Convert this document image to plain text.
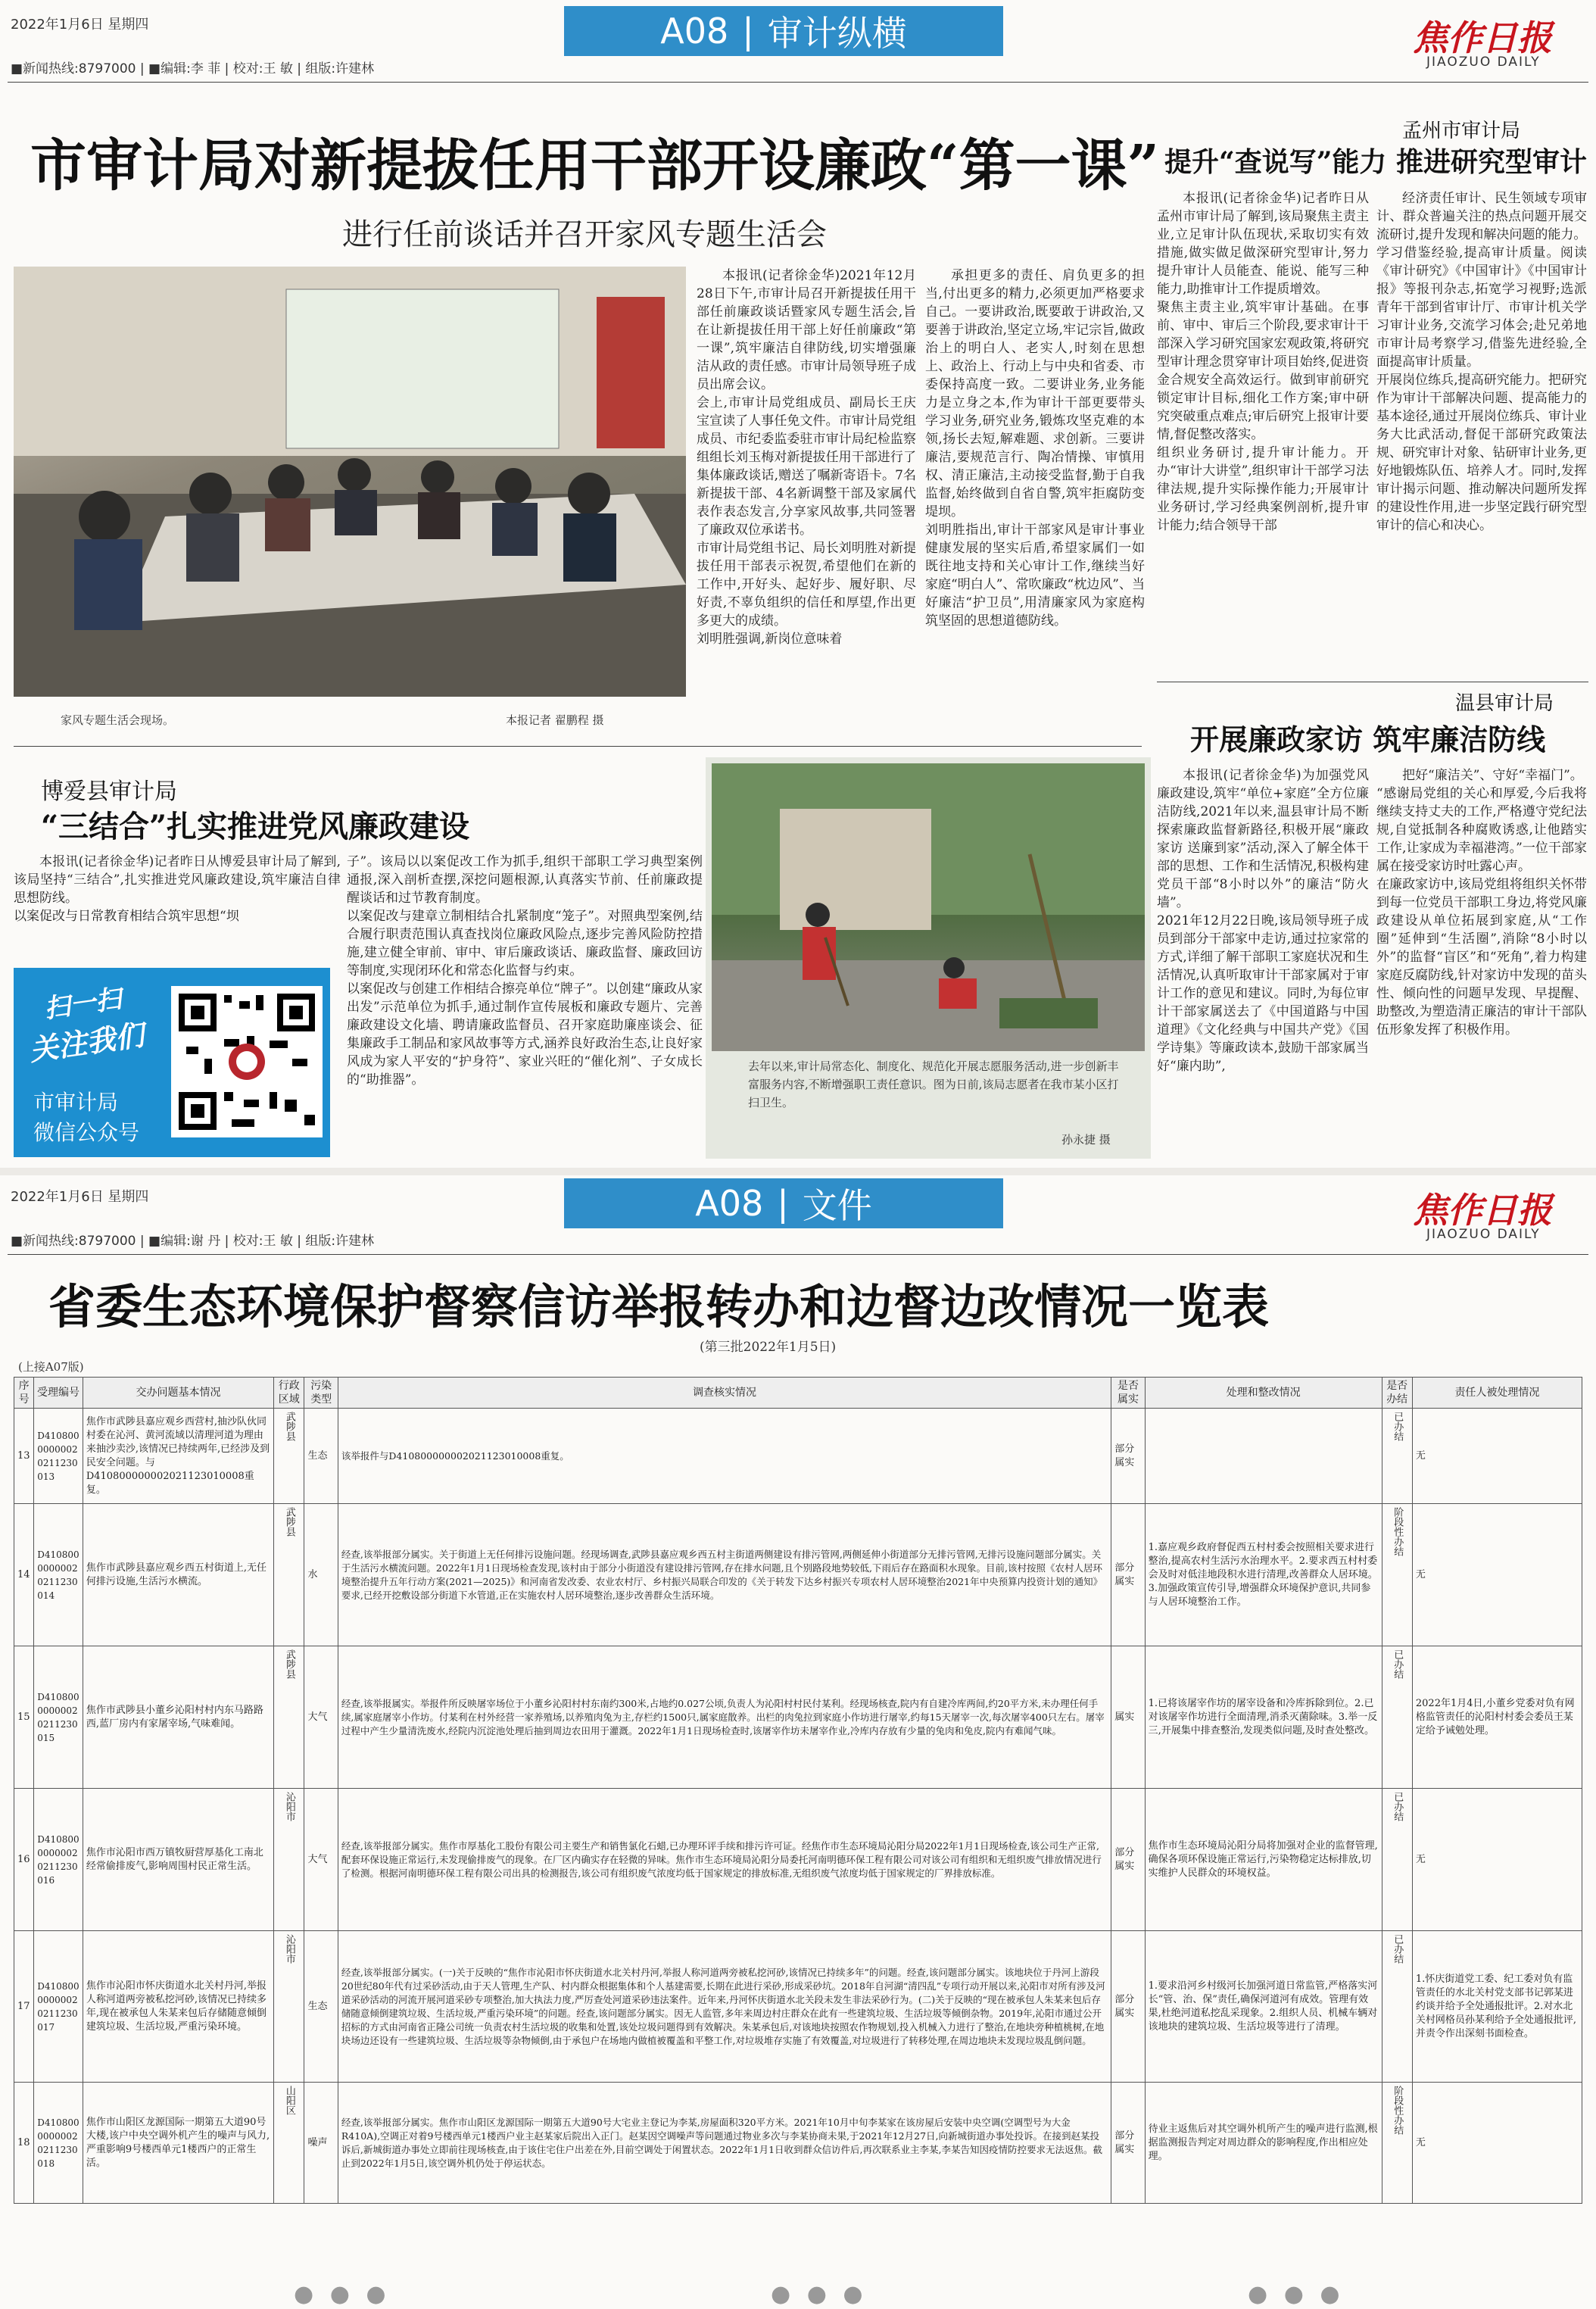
2022年1月6日 星期四	A08 | 审计纵横	焦作日报
JIAOZUO DAILY
■新闻热线:8797000 | ■编辑:李 菲 | 校对:王 敏 | 组版:许建林
市审计局对新提拔任用干部开设廉政“第一课”
进行任前谈话并召开家风专题生活会
家风专题生活会现场。	本报记者 翟鹏程 摄
本报讯(记者徐金华)2021年12月28日下午,市审计局召开新提拔任用干部任前廉政谈话暨家风专题生活会,旨在让新提拔任用干部上好任前廉政“第一课”,筑牢廉洁自律防线,切实增强廉洁从政的责任感。市审计局领导班子成员出席会议。
会上,市审计局党组成员、副局长王庆宝宣读了人事任免文件。市审计局党组成员、市纪委监委驻市审计局纪检监察组组长刘玉梅对新提拔任用干部进行了集体廉政谈话,赠送了嘱新寄语卡。7名新提拔干部、4名新调整干部及家属代表作表态发言,分享家风故事,共同签署了廉政双位承诺书。
市审计局党组书记、局长刘明胜对新提拔任用干部表示祝贺,希望他们在新的工作中,开好头、起好步、履好职、尽好责,不辜负组织的信任和厚望,作出更多更大的成绩。
刘明胜强调,新岗位意味着
承担更多的责任、肩负更多的担当,付出更多的精力,必须更加严格要求自己。一要讲政治,既要敢于讲政治,又要善于讲政治,坚定立场,牢记宗旨,做政治上的明白人、老实人,时刻在思想上、政治上、行动上与中央和省委、市委保持高度一致。二要讲业务,业务能力是立身之本,作为审计干部更要带头学习业务,研究业务,锻炼攻坚克难的本领,扬长去短,解难题、求创新。三要讲廉洁,要规范言行、陶冶情操、审慎用权、清正廉洁,主动接受监督,勤于自我监督,始终做到自省自警,筑牢拒腐防变堤坝。
刘明胜指出,审计干部家风是审计事业健康发展的坚实后盾,希望家属们一如既往地支持和关心审计工作,继续当好家庭“明白人”、常吹廉政“枕边风”、当好廉洁“护卫员”,用清廉家风为家庭构筑坚固的思想道德防线。
孟州市审计局
提升“查说写”能力 推进研究型审计
本报讯(记者徐金华)记者昨日从孟州市审计局了解到,该局聚焦主责主业,立足审计队伍现状,采取切实有效措施,做实做足做深研究型审计,努力提升审计人员能查、能说、能写三种能力,助推审计工作提质增效。
聚焦主责主业,筑牢审计基础。在事前、审中、审后三个阶段,要求审计干部深入学习研究国家宏观政策,将研究型审计理念贯穿审计项目始终,促进资金合规安全高效运行。做到审前研究锁定审计目标,细化工作方案;审中研究突破重点难点;审后研究上报审计要情,督促整改落实。
组织业务研讨,提升审计能力。开办“审计大讲堂”,组织审计干部学习法律法规,提升实际操作能力;开展审计业务研讨,学习经典案例剖析,提升审计能力;结合领导干部
经济责任审计、民生领域专项审计、群众普遍关注的热点问题开展交流研讨,提升发现和解决问题的能力。
学习借鉴经验,提高审计质量。阅读《审计研究》《中国审计》《中国审计报》等报刊杂志,拓宽学习视野;选派青年干部到省审计厅、市审计机关学习审计业务,交流学习体会;赴兄弟地市审计局考察学习,借鉴先进经验,全面提高审计质量。
开展岗位练兵,提高研究能力。把研究作为审计干部解决问题、提高能力的基本途径,通过开展岗位练兵、审计业务大比武活动,督促干部研究政策法规、研究审计对象、钻研审计业务,更好地锻炼队伍、培养人才。同时,发挥审计揭示问题、推动解决问题所发挥的建设性作用,进一步坚定践行研究型审计的信心和决心。
温县审计局
开展廉政家访 筑牢廉洁防线
本报讯(记者徐金华)为加强党风廉政建设,筑牢“单位+家庭”全方位廉洁防线,2021年以来,温县审计局不断探索廉政监督新路径,积极开展“廉政家访 送廉到家”活动,深入了解全体干部的思想、工作和生活情况,积极构建党员干部“8小时以外”的廉洁“防火墙”。
2021年12月22日晚,该局领导班子成员到部分干部家中走访,通过拉家常的方式,详细了解干部职工家庭状况和生活情况,认真听取审计干部家属对于审计工作的意见和建议。同时,为每位审计干部家属送去了《中国道路与中国道理》《文化经典与中国共产党》《国学诗集》等廉政读本,鼓励干部家属当好“廉内助”,
把好“廉洁关”、守好“幸福门”。
“感谢局党组的关心和厚爱,今后我将继续支持丈夫的工作,严格遵守党纪法规,自觉抵制各种腐败诱惑,让他踏实工作,让家成为幸福港湾。”一位干部家属在接受家访时吐露心声。
在廉政家访中,该局党组将组织关怀带到每一位党员干部职工身边,将党风廉政建设从单位拓展到家庭,从“工作圈”延伸到“生活圈”,消除“8小时以外”的监督“盲区”和“死角”,着力构建家庭反腐防线,针对家访中发现的苗头性、倾向性的问题早发现、早提醒、助整改,为塑造清正廉洁的审计干部队伍形象发挥了积极作用。
博爱县审计局
“三结合”扎实推进党风廉政建设
本报讯(记者徐金华)记者昨日从博爱县审计局了解到,该局坚持“三结合”,扎实推进党风廉政建设,筑牢廉洁自律思想防线。
以案促改与日常教育相结合筑牢思想“坝
子”。该局以以案促改工作为抓手,组织干部职工学习典型案例通报,深入剖析查摆,深挖问题根源,认真落实节前、任前廉政提醒谈话和过节教育制度。
以案促改与建章立制相结合扎紧制度“笼子”。对照典型案例,结合履行职责范围认真查找岗位廉政风险点,逐步完善风险防控措施,建立健全审前、审中、审后廉政谈话、廉政监督、廉政回访等制度,实现闭环化和常态化监督与约束。
以案促改与创建工作相结合擦亮单位“牌子”。以创建“廉政从家出发”示范单位为抓手,通过制作宣传展板和廉政专题片、完善廉政建设文化墙、聘请廉政监督员、召开家庭助廉座谈会、征集廉政手工制品和家风故事等方式,涵养良好政治生态,让良好家风成为家人平安的“护身符”、家业兴旺的“催化剂”、子女成长的“助推器”。
扫一扫
关注我们
市审计局
微信公众号
去年以来,审计局常态化、制度化、规范化开展志愿服务活动,进一步创新丰富服务内容,不断增强职工责任意识。图为日前,该局志愿者在我市某小区打扫卫生。
孙永捷 摄
2022年1月6日 星期四	A08 | 文件	焦作日报
JIAOZUO DAILY
■新闻热线:8797000 | ■编辑:谢 丹 | 校对:王 敏 | 组版:许建林
省委生态环境保护督察信访举报转办和边督边改情况一览表
(第三批2022年1月5日)
(上接A07版)
序号	受理编号	交办问题基本情况	行政区域	污染类型	调查核实情况	是否属实	处理和整改情况	是否办结	责任人被处理情况
13	D41080000000020211230013	焦作市武陟县嘉应观乡西营村,抽沙队伙同村委在沁河、黄河流域以清理河道为理由来抽沙卖沙,该情况已持续两年,已经涉及到民安全问题。与D410800000002021123010008重复。	武陟县	生态	该举报件与D410800000002021123010008重复。	部分属实		已办结	无
14	D41080000000020211230014	焦作市武陟县嘉应观乡西五村街道上,无任何排污设施,生活污水横流。	武陟县	水	经查,该举报部分属实。关于街道上无任何排污设施问题。经现场调查,武陟县嘉应观乡西五村主街道两侧建设有排污管网,两侧延伸小街道部分无排污管网,无排污设施问题部分属实。关于生活污水横流问题。2022年1月1日现场检查发现,该村由于部分小街道没有建设排污管网,存在排水问题,且个别路段地势较低,下雨后存在路面积水现象。目前,该村按照《农村人居环境整治提升五年行动方案(2021—2025)》和河南省发改委、农业农村厅、乡村振兴局联合印发的《关于转发下达乡村振兴专项农村人居环境整治2021年中央预算内投资计划的通知》要求,已经开挖敷设部分街道下水管道,正在实施农村人居环境整治,逐步改善群众生活环境。	部分属实	1.嘉应观乡政府督促西五村村委会按照相关要求进行整治,提高农村生活污水治理水平。2.要求西五村村委会及时对低洼地段积水进行清理,改善群众人居环境。3.加强政策宣传引导,增强群众环境保护意识,共同参与人居环境整治工作。	阶段性办结	无
15	D41080000000020211230015	焦作市武陟县小董乡沁阳村村内东马路路西,蓝厂房内有家屠宰场,气味难闻。	武陟县	大气	经查,该举报属实。举报件所反映屠宰场位于小董乡沁阳村村东南约300米,占地约0.027公顷,负责人为沁阳村村民付某利。经现场核查,院内有自建冷库两间,约20平方米,未办理任何手续,属家庭屠宰小作坊。付某利在村外经营一家养殖场,以养殖肉兔为主,存栏约1500只,属家庭散养。出栏的肉兔拉到家庭小作坊进行屠宰,约每15天屠宰一次,每次屠宰400只左右。屠宰过程中产生少量清洗废水,经院内沉淀池处理后抽到周边农田用于灌溉。2022年1月1日现场检查时,该屠宰作坊未屠宰作业,冷库内存放有少量的兔肉和兔皮,院内有难闻气味。	属实	1.已将该屠宰作坊的屠宰设备和冷库拆除到位。2.已对该屠宰作坊进行全面清理,消杀灭菌除味。3.举一反三,开展集中排查整治,发现类似问题,及时查处整改。	已办结	2022年1月4日,小董乡党委对负有网格监管责任的沁阳村村委会委员王某定给予诫勉处理。
16	D41080000000020211230016	焦作市沁阳市西万镇牧厨营厚基化工南北经常偷排废气,影响周围村民正常生活。	沁阳市	大气	经查,该举报部分属实。焦作市厚基化工股份有限公司主要生产和销售氯化石蜡,已办理环评手续和排污许可证。经焦作市生态环境局沁阳分局2022年1月1日现场检查,该公司生产正常,配套环保设施正常运行,未发现偷排废气的现象。在厂区内确实存在轻微的异味。焦作市生态环境局沁阳分局委托河南明德环保工程有限公司对该公司有组织和无组织废气排放情况进行了检测。根据河南明德环保工程有限公司出具的检测报告,该公司有组织废气浓度均低于国家规定的排放标准,无组织废气浓度均低于国家规定的厂界排放标准。	部分属实	焦作市生态环境局沁阳分局将加强对企业的监督管理,确保各项环保设施正常运行,污染物稳定达标排放,切实维护人民群众的环境权益。	已办结	无
17	D41080000000020211230017	焦作市沁阳市怀庆街道水北关村丹河,举报人称河道两旁被私挖河砂,该情况已持续多年,现在被承包人朱某来包后存储随意倾倒建筑垃圾、生活垃圾,严重污染环境。	沁阳市	生态	经查,该举报部分属实。(一)关于反映的“焦作市沁阳市怀庆街道水北关村丹河,举报人称河道两旁被私挖河砂,该情况已持续多年”的问题。经查,该问题部分属实。该地块位于丹河上游段20世纪80年代有过采砂活动,由于天人管理,生产队、村内群众根据集体和个人基建需要,长期在此进行采砂,形成采砂坑。2018年自河湖“清四乱”专项行动开展以来,沁阳市对所有涉及河道采砂活动的河流开展河道采砂专项整治,加大执法力度,严厉查处河道采砂违法案件。近年来,丹河怀庆街道水北关段未发生非法采砂行为。(二)关于反映的“现在被承包人朱某来包后存储随意倾倒建筑垃圾、生活垃圾,严重污染环境”的问题。经查,该问题部分属实。因无人监管,多年来周边村庄群众在此有一些建筑垃圾、生活垃圾等倾倒杂物。2019年,沁阳市通过公开招标的方式由河南省正隆公司统一负责农村生活垃圾的收集和处置,该处垃圾问题得到有效解决。朱某承包后,对该地块按照农作物规划,投入机械入力进行了整治,在地块旁种植桃树,在地块场边还设有一些建筑垃圾、生活垃圾等杂物倾倒,由于承包户在场地内做植被覆盖和平整工作,对垃圾堆存实施了有效覆盖,对垃圾进行了转移处理,在周边地块未发现垃圾乱倒问题。	部分属实	1.要求沿河乡村级河长加强河道日常监管,严格落实河长“管、治、保”责任,确保河道河有成效。管理有效果,杜绝河道私挖乱采现象。2.组织人员、机械车辆对该地块的建筑垃圾、生活垃圾等进行了清理。	已办结	1.怀庆街道党工委、纪工委对负有监管责任的水北关村党支部书记郭某进约谈并给予全处通报批评。2.对水北关村网格员孙某利给予全处通报批评,并责令作出深刻书面检查。
18	D41080000000020211230018	焦作市山阳区龙源国际一期第五大道90号大楼,该户中央空调外机产生的噪声与风力,严重影响9号楼西单元1楼西户的正常生活。	山阳区	噪声	经查,该举报部分属实。焦作市山阳区龙源国际一期第五大道90号大宅业主登记为李某,房屋面积320平方米。2021年10月中旬李某家在该房屋后安装中央空调(空调型号为大金R410A),空调正对着9号楼西单元1楼西户业主赵某家后院出入正门。赵某因空调噪声等问题通过物业多次与李某协商未果,于2021年12月27日,向新城街道办事处投诉。在接到赵某投诉后,新城街道办事处立即前往现场核查,由于该住宅住户出差在外,目前空调处于闲置状态。2022年1月1日收到群众信访件后,再次联系业主李某,李某告知因疫情防控要求无法返焦。截止到2022年1月5日,该空调外机仍处于停运状态。	部分属实	待业主返焦后对其空调外机所产生的噪声进行监测,根据监测报告判定对周边群众的影响程度,作出相应处理。	阶段性办结	无
● ● ●	● ● ●	● ● ●
